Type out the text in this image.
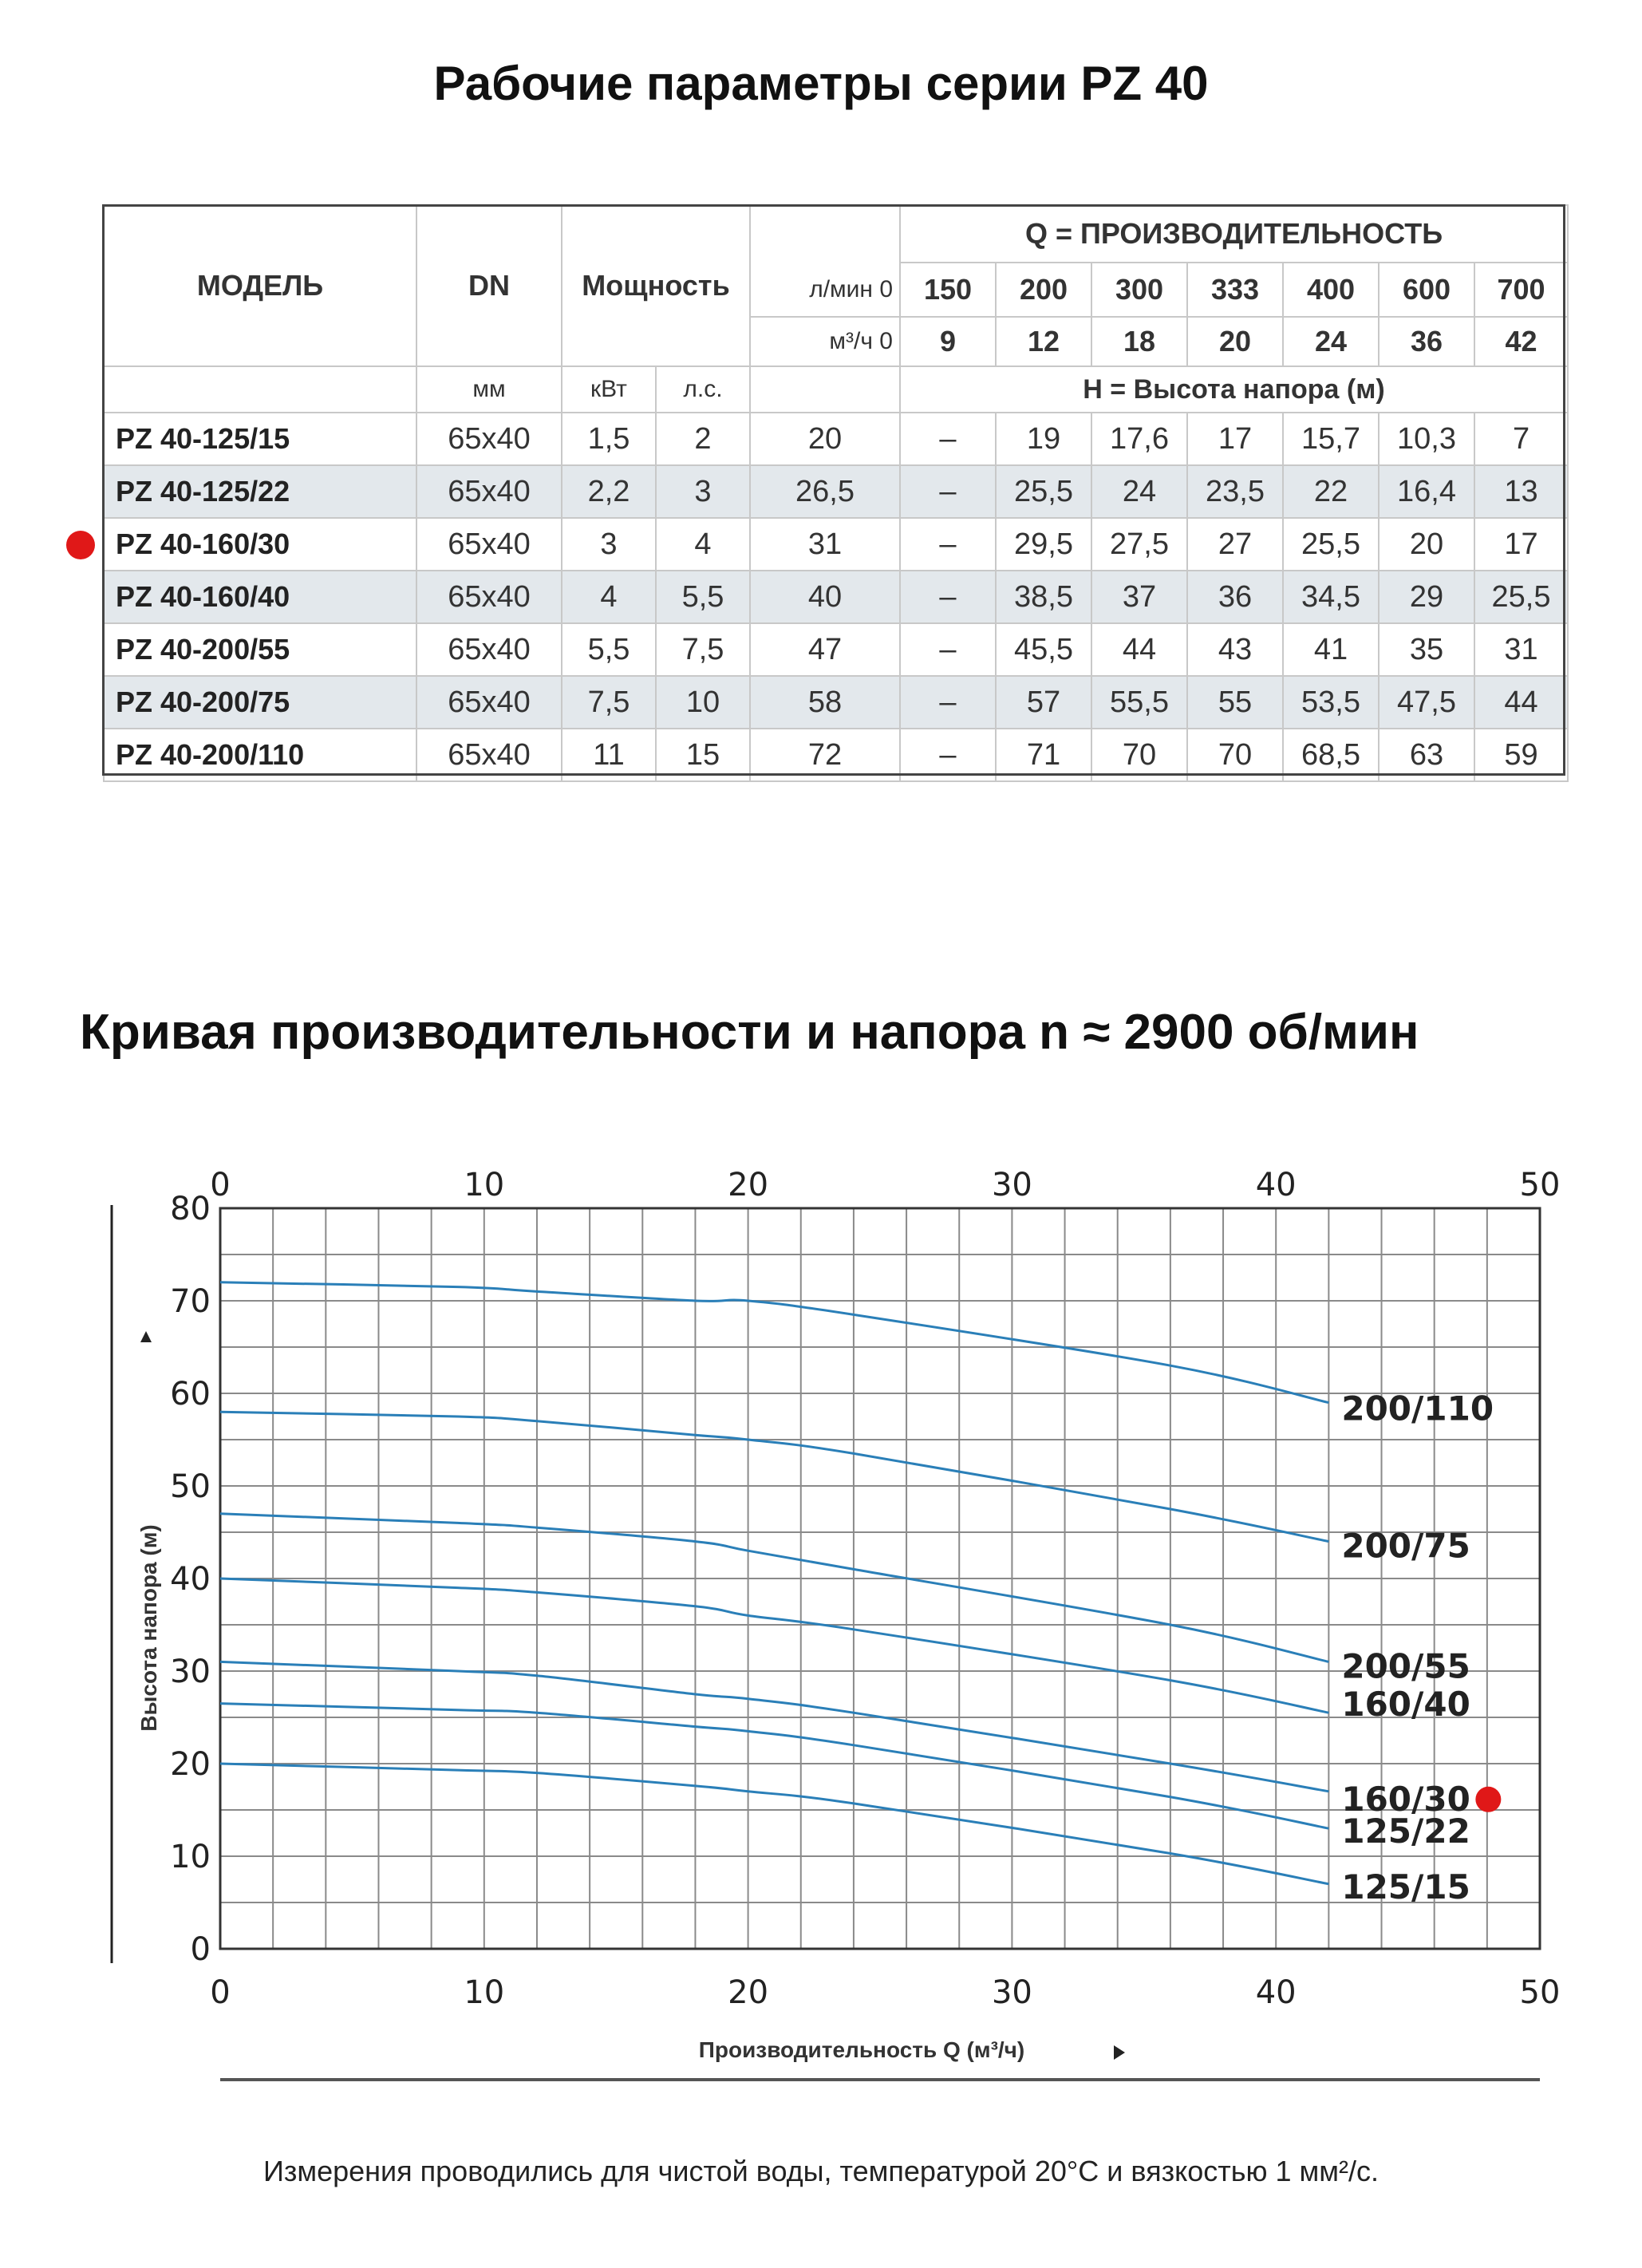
Рабочие параметры серии PZ 40
МОДЕЛЬ	DN	Мощность			Q = ПРОИЗВОДИТЕЛЬНОСТЬ						
				л/мин 0	150	200	300	333	400	600	700
				м³/ч 0	9	12	18	20	24	36	42
	мм	кВт	л.с.		H = Высота напора (м)						
PZ 40-125/15	65x40	1,5	2	20	–	19	17,6	17	15,7	10,3	7
PZ 40-125/22	65x40	2,2	3	26,5	–	25,5	24	23,5	22	16,4	13
PZ 40-160/30	65x40	3	4	31	–	29,5	27,5	27	25,5	20	17
PZ 40-160/40	65x40	4	5,5	40	–	38,5	37	36	34,5	29	25,5
PZ 40-200/55	65x40	5,5	7,5	47	–	45,5	44	43	41	35	31
PZ 40-200/75	65x40	7,5	10	58	–	57	55,5	55	53,5	47,5	44
PZ 40-200/110	65x40	11	15	72	–	71	70	70	68,5	63	59
Кривая производительности и напора n ≈ 2900 об/мин
0
0
10
10
20
20
30
30
40
40
50
50
0
10
20
30
40
50
60
70
80
125/15
125/22
160/30
160/40
200/55
200/75
200/110
Высота напора (м)
Производительность Q (м³/ч)

Измерения проводились для чистой воды, температурой 20°C и вязкостью 1 мм²/с.
